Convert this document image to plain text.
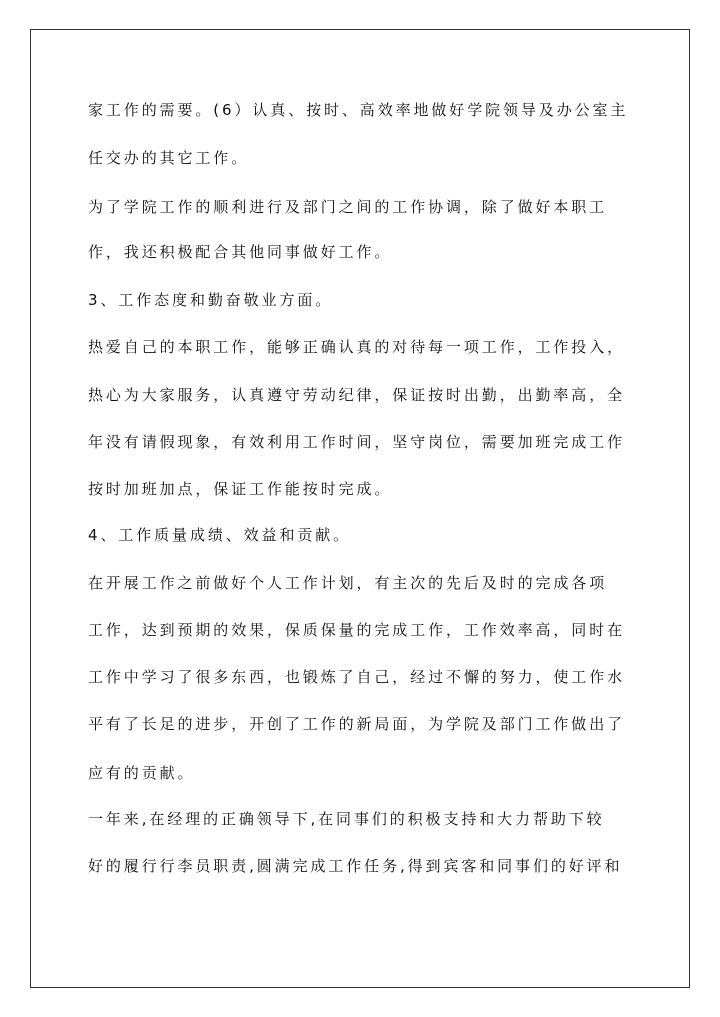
家工作的需要。(6）认真、按时、高效率地做好学院领导及办公室主
任交办的其它工作。
为了学院工作的顺利进行及部门之间的工作协调，除了做好本职工
作，我还积极配合其他同事做好工作。
3、工作态度和勤奋敬业方面。
热爱自己的本职工作，能够正确认真的对待每一项工作，工作投入，
热心为大家服务，认真遵守劳动纪律，保证按时出勤，出勤率高，全
年没有请假现象，有效利用工作时间，坚守岗位，需要加班完成工作
按时加班加点，保证工作能按时完成。
4、工作质量成绩、效益和贡献。
在开展工作之前做好个人工作计划，有主次的先后及时的完成各项
工作，达到预期的效果，保质保量的完成工作，工作效率高，同时在
工作中学习了很多东西，也锻炼了自己，经过不懈的努力，使工作水
平有了长足的进步，开创了工作的新局面，为学院及部门工作做出了
应有的贡献。
一年来,在经理的正确领导下,在同事们的积极支持和大力帮助下较
好的履行行李员职责,圆满完成工作任务,得到宾客和同事们的好评和
